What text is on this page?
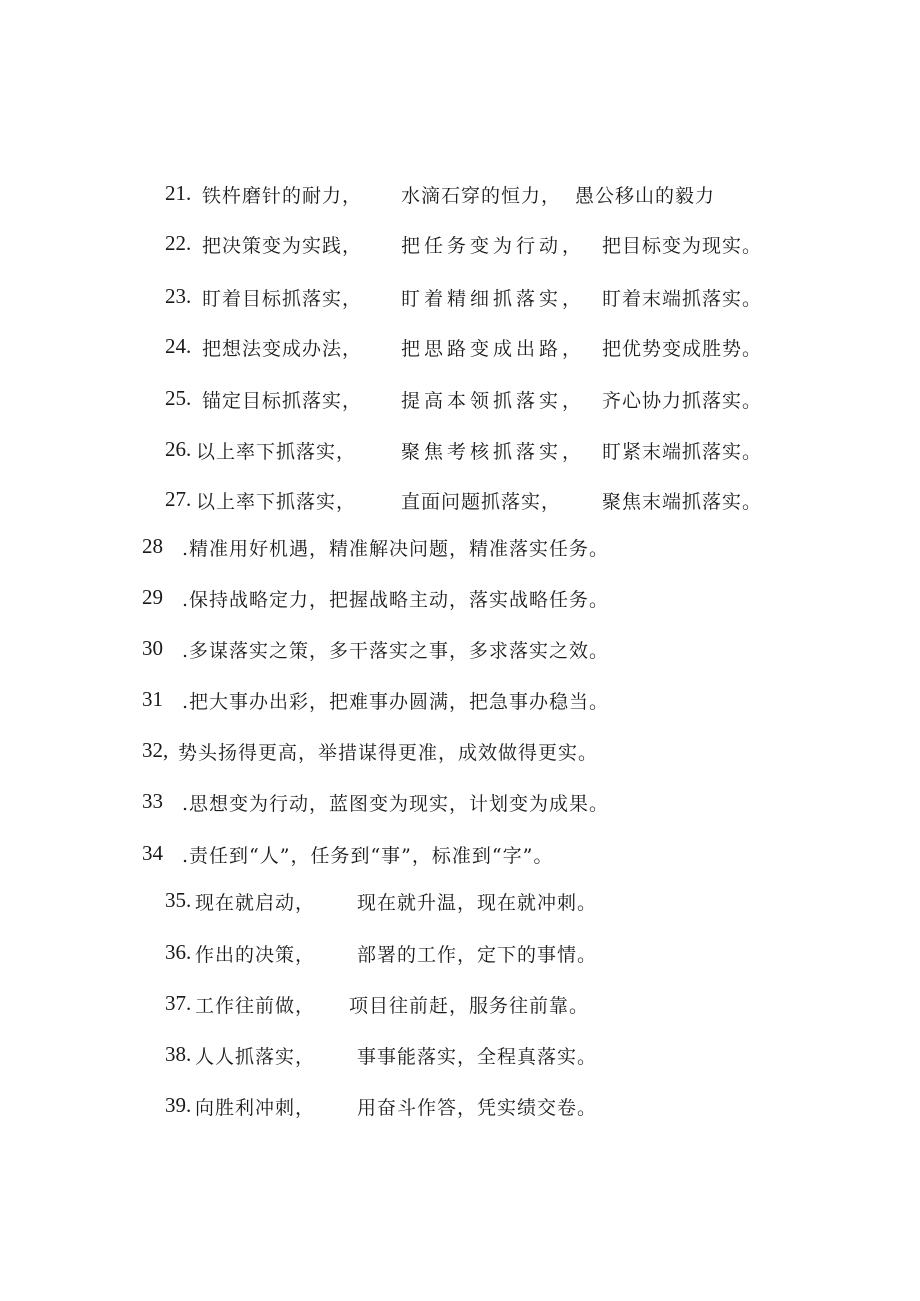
21. 铁杵磨针的耐力， 水滴石穿的恒力， 愚公移山的毅力
22. 把决策变为实践， 把任务变为行动， 把目标变为现实。
23. 盯着目标抓落实， 盯着精细抓落实， 盯着末端抓落实。
24. 把想法变成办法， 把思路变成出路， 把优势变成胜势。
25. 锚定目标抓落实， 提高本领抓落实， 齐心协力抓落实。
26. 以上率下抓落实， 聚焦考核抓落实， 盯紧末端抓落实。
27. 以上率下抓落实， 直面问题抓落实， 聚焦末端抓落实。
28 .精准用好机遇，精准解决问题，精准落实任务。
29 .保持战略定力，把握战略主动，落实战略任务。
30 .多谋落实之策，多干落实之事，多求落实之效。
31 .把大事办出彩，把难事办圆满，把急事办稳当。
32, 势头扬得更高，举措谋得更准，成效做得更实。
33 .思想变为行动，蓝图变为现实，计划变为成果。
34 .责任到“人”，任务到“事”，标准到“字”。
35. 现在就启动， 现在就升温，现在就冲刺。
36. 作出的决策， 部署的工作，定下的事情。
37. 工作往前做， 项目往前赶，服务往前靠。
38. 人人抓落实， 事事能落实，全程真落实。
39. 向胜利冲刺， 用奋斗作答，凭实绩交卷。
